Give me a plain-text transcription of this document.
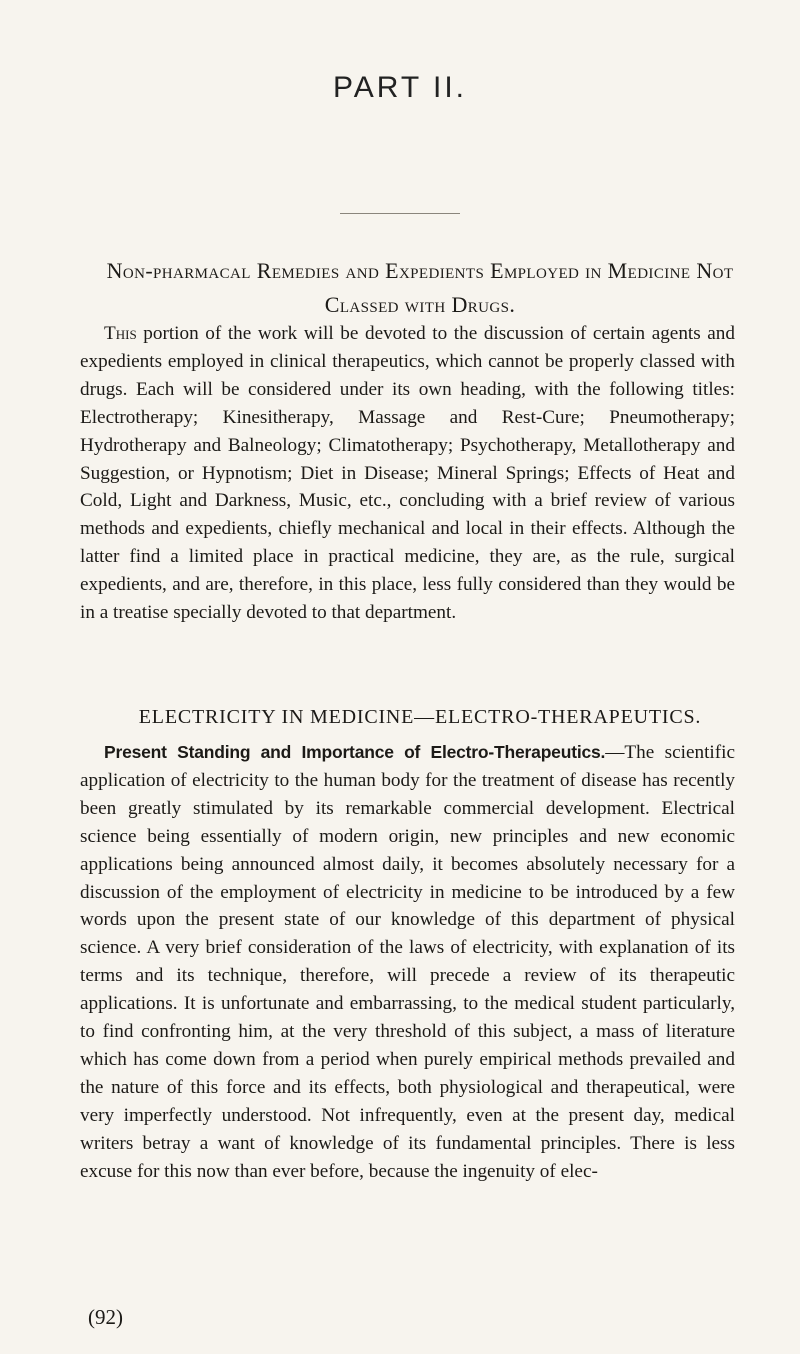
PART II.
Non-pharmacal Remedies and Expedients Employed in Medicine Not Classed with Drugs.

This portion of the work will be devoted to the discussion of certain agents and expedients employed in clinical therapeutics, which cannot be properly classed with drugs. Each will be considered under its own heading, with the following titles: Electrotherapy; Kinesitherapy, Massage and Rest-Cure; Pneumotherapy; Hydrotherapy and Balneology; Climatotherapy; Psychotherapy, Metallotherapy and Suggestion, or Hypnotism; Diet in Disease; Mineral Springs; Effects of Heat and Cold, Light and Darkness, Music, etc., concluding with a brief review of various methods and expedients, chiefly mechanical and local in their effects. Although the latter find a limited place in practical medicine, they are, as the rule, surgical expedients, and are, therefore, in this place, less fully considered than they would be in a treatise specially devoted to that department.

ELECTRICITY IN MEDICINE—ELECTRO-THERAPEUTICS.

Present Standing and Importance of Electro-Therapeutics.—The scientific application of electricity to the human body for the treatment of disease has recently been greatly stimulated by its remarkable commercial development. Electrical science being essentially of modern origin, new principles and new economic applications being announced almost daily, it becomes absolutely necessary for a discussion of the employment of electricity in medicine to be introduced by a few words upon the present state of our knowledge of this department of physical science. A very brief consideration of the laws of electricity, with explanation of its terms and its technique, therefore, will precede a review of its therapeutic applications. It is unfortunate and embarrassing, to the medical student particularly, to find confronting him, at the very threshold of this subject, a mass of literature which has come down from a period when purely empirical methods prevailed and the nature of this force and its effects, both physiological and therapeutical, were very imperfectly understood. Not infrequently, even at the present day, medical writers betray a want of knowledge of its fundamental principles. There is less excuse for this now than ever before, because the ingenuity of elec-

(92)
